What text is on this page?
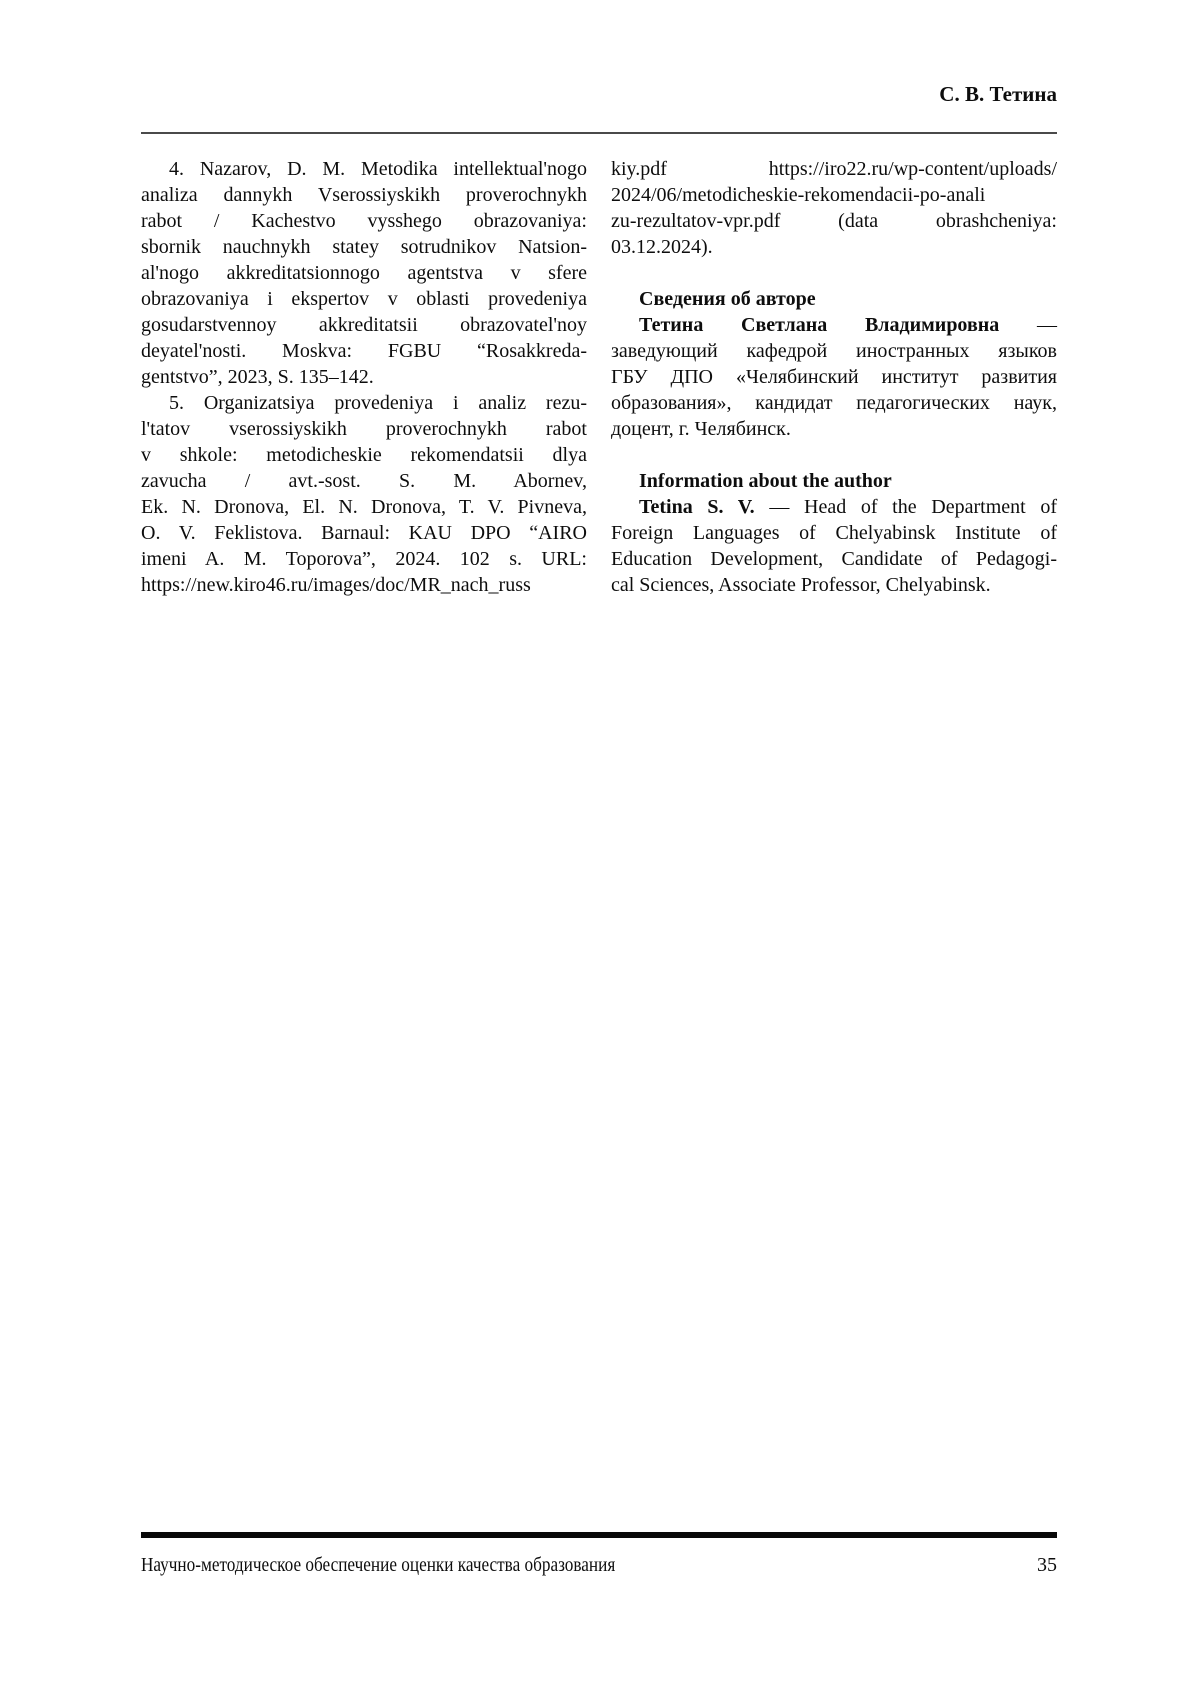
С. В. Тетина
4. Nazarov, D. M. Metodika intellektual'nogo
analiza dannykh Vserossiyskikh proverochnykh
rabot / Kachestvo vysshego obrazovaniya:
sbornik nauchnykh statey sotrudnikov Natsion-
al'nogo akkreditatsionnogo agentstva v sfere
obrazovaniya i ekspertov v oblasti provedeniya
gosudarstvennoy akkreditatsii obrazovatel'noy
deyatel'nosti. Moskva: FGBU “Rosakkreda-
gentstvo”, 2023, S. 135–142.
5. Organizatsiya provedeniya i analiz rezu-
l'tatov vserossiyskikh proverochnykh rabot
v shkole: metodicheskie rekomendatsii dlya
zavucha / avt.-sost. S. M. Abornev,
Ek. N. Dronova, El. N. Dronova, T. V. Pivneva,
O. V. Feklistova. Barnaul: KAU DPO “AIRO
imeni A. M. Toporova”, 2024. 102 s. URL:
https://new.kiro46.ru/images/doc/MR_nach_russ
kiy.pdf https://iro22.ru/wp-content/uploads/
2024/06/metodicheskie-rekomendacii-po-anali
zu-rezultatov-vpr.pdf (data obrashcheniya:
03.12.2024).
Сведения об авторе
Тетина Светлана Владимировна —
заведующий кафедрой иностранных языков
ГБУ ДПО «Челябинский институт развития
образования», кандидат педагогических наук,
доцент, г. Челябинск.
Information about the author
Tetina S. V. — Head of the Department of
Foreign Languages of Chelyabinsk Institute of
Education Development, Candidate of Pedagogi-
cal Sciences, Associate Professor, Chelyabinsk.
Научно-методическое обеспечение оценки качества образования	35
